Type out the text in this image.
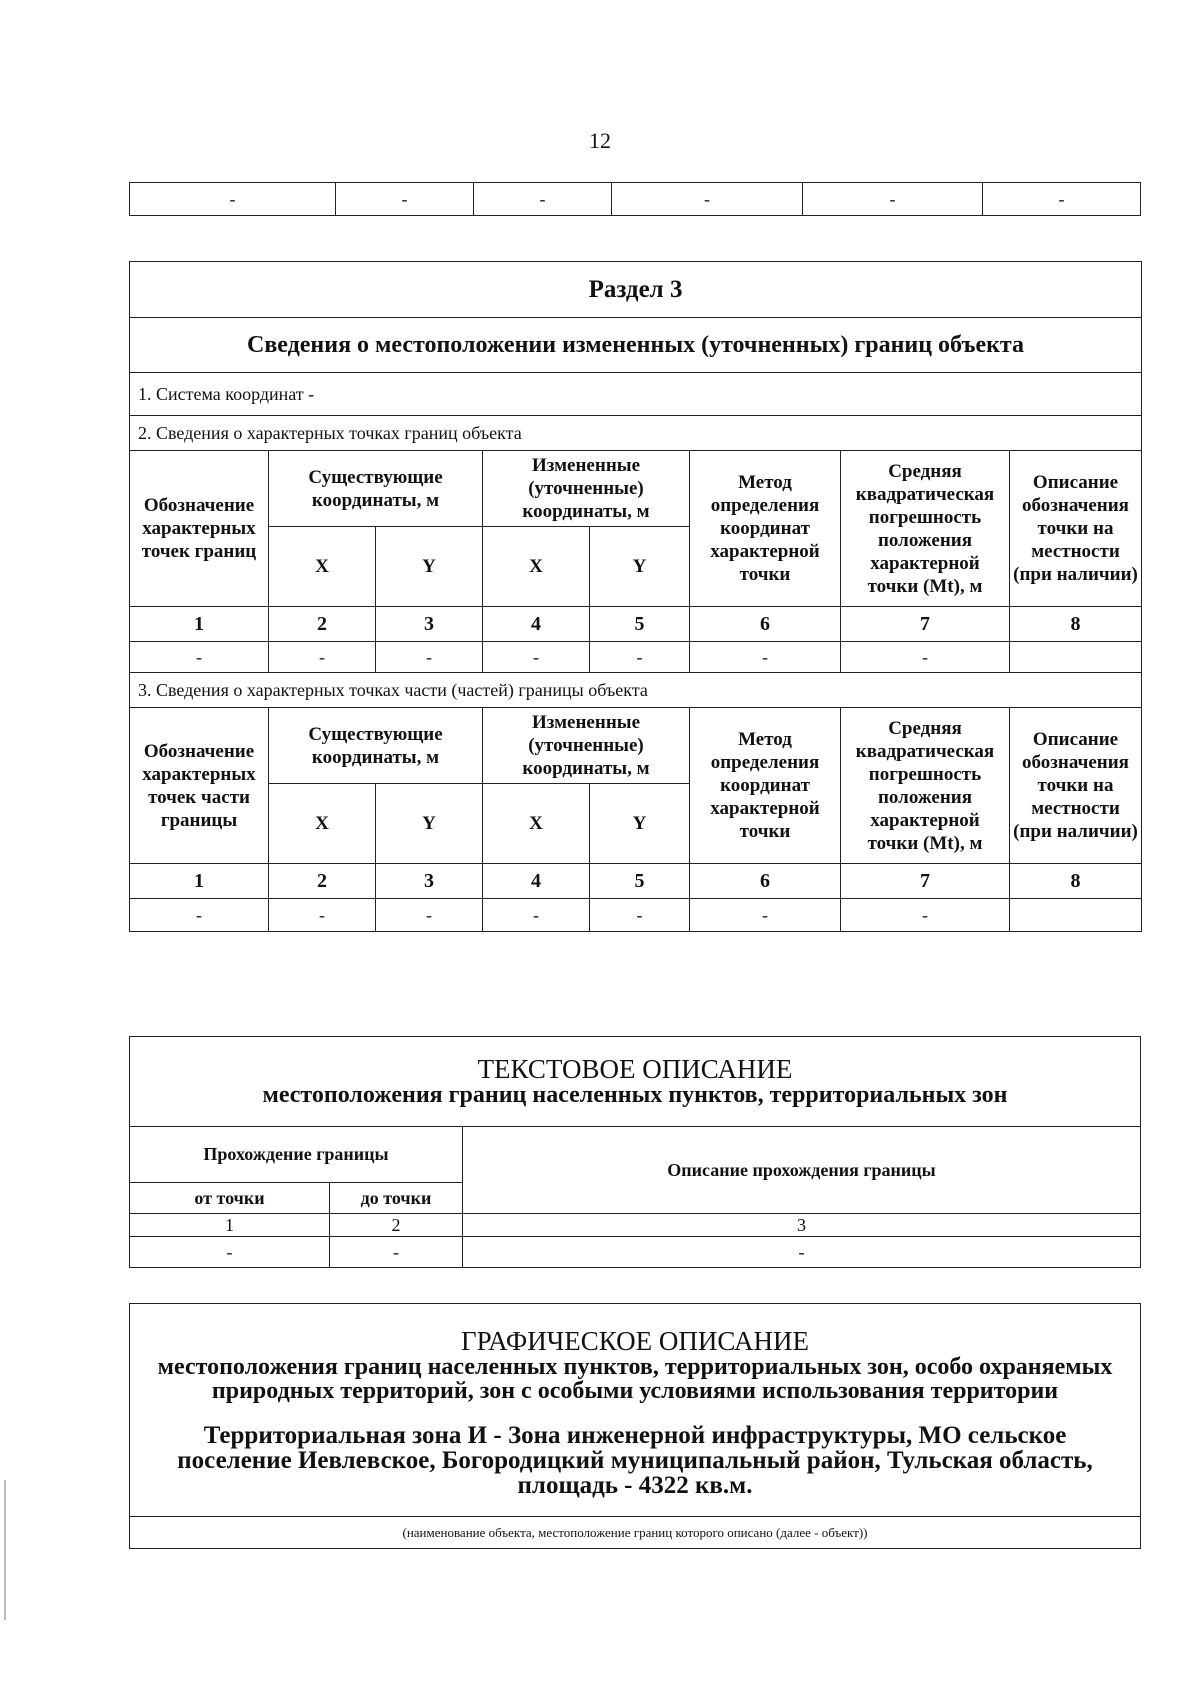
12
-	-	-	-	-	-
Раздел 3							
Сведения о местоположении измененных (уточненных) границ объекта							
1. Система координат -							
2. Сведения о характерных точках границ объекта							
Обозначение характерных точек границ	Существующие координаты, м		Измененные (уточненные) координаты, м		Метод определения координат характерной точки	Средняя квадратическая погрешность положения характерной точки (Mt), м	Описание обозначения точки на местности (при наличии)
	X	Y	X	Y			
1	2	3	4	5	6	7	8
-	-	-	-	-	-	-	
3. Сведения о характерных точках части (частей) границы объекта							
Обозначение характерных точек части границы	Существующие координаты, м		Измененные (уточненные) координаты, м		Метод определения координат характерной точки	Средняя квадратическая погрешность положения характерной точки (Mt), м	Описание обозначения точки на местности (при наличии)
	X	Y	X	Y			
1	2	3	4	5	6	7	8
-	-	-	-	-	-	-	
ТЕКСТОВОЕ ОПИСАНИЕ
местоположения границ населенных пунктов, территориальных зон		

Прохождение границы		Описание прохождения границы
от точки	до точки	
1	2	3
-	-	-
ГРАФИЧЕСКОЕ ОПИСАНИЕ
местоположения границ населенных пунктов, территориальных зон, особо охраняемых природных территорий, зон с особыми условиями использования территории
Территориальная зона И - Зона инженерной инфраструктуры, МО сельское поселение Иевлевское, Богородицкий муниципальный район, Тульская область, площадь - 4322 кв.м.

(наименование объекта, местоположение границ которого описано (далее - объект))
